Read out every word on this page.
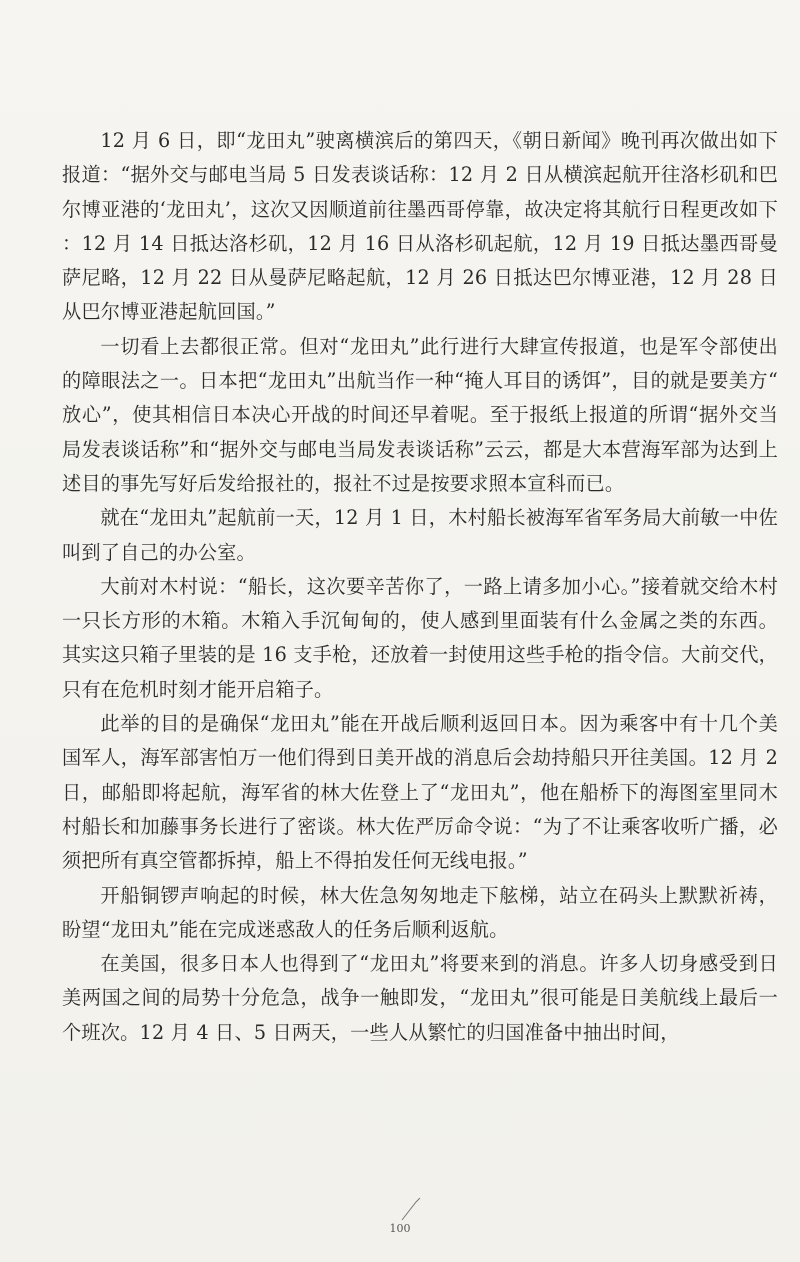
12 月 6 日，即“龙田丸”驶离横滨后的第四天，《朝日新闻》晚刊再次做出如下报道：“据外交与邮电当局 5 日发表谈话称：12 月 2 日从横滨起航开往洛杉矶和巴尔博亚港的‘龙田丸’，这次又因顺道前往墨西哥停靠，故决定将其航行日程更改如下：12 月 14 日抵达洛杉矶，12 月 16 日从洛杉矶起航，12 月 19 日抵达墨西哥曼萨尼略，12 月 22 日从曼萨尼略起航，12 月 26 日抵达巴尔博亚港，12 月 28 日从巴尔博亚港起航回国。”

一切看上去都很正常。但对“龙田丸”此行进行大肆宣传报道，也是军令部使出的障眼法之一。日本把“龙田丸”出航当作一种“掩人耳目的诱饵”，目的就是要美方“放心”，使其相信日本决心开战的时间还早着呢。至于报纸上报道的所谓“据外交当局发表谈话称”和“据外交与邮电当局发表谈话称”云云，都是大本营海军部为达到上述目的事先写好后发给报社的，报社不过是按要求照本宣科而已。

就在“龙田丸”起航前一天，12 月 1 日，木村船长被海军省军务局大前敏一中佐叫到了自己的办公室。

大前对木村说：“船长，这次要辛苦你了，一路上请多加小心。”接着就交给木村一只长方形的木箱。木箱入手沉甸甸的，使人感到里面装有什么金属之类的东西。其实这只箱子里装的是 16 支手枪，还放着一封使用这些手枪的指令信。大前交代，只有在危机时刻才能开启箱子。

此举的目的是确保“龙田丸”能在开战后顺利返回日本。因为乘客中有十几个美国军人，海军部害怕万一他们得到日美开战的消息后会劫持船只开往美国。12 月 2 日，邮船即将起航，海军省的林大佐登上了“龙田丸”，他在船桥下的海图室里同木村船长和加藤事务长进行了密谈。林大佐严厉命令说：“为了不让乘客收听广播，必须把所有真空管都拆掉，船上不得拍发任何无线电报。”

开船铜锣声响起的时候，林大佐急匆匆地走下舷梯，站立在码头上默默祈祷，盼望“龙田丸”能在完成迷惑敌人的任务后顺利返航。

在美国，很多日本人也得到了“龙田丸”将要来到的消息。许多人切身感受到日美两国之间的局势十分危急，战争一触即发，“龙田丸”很可能是日美航线上最后一个班次。12 月 4 日、5 日两天，一些人从繁忙的归国准备中抽出时间，

100
